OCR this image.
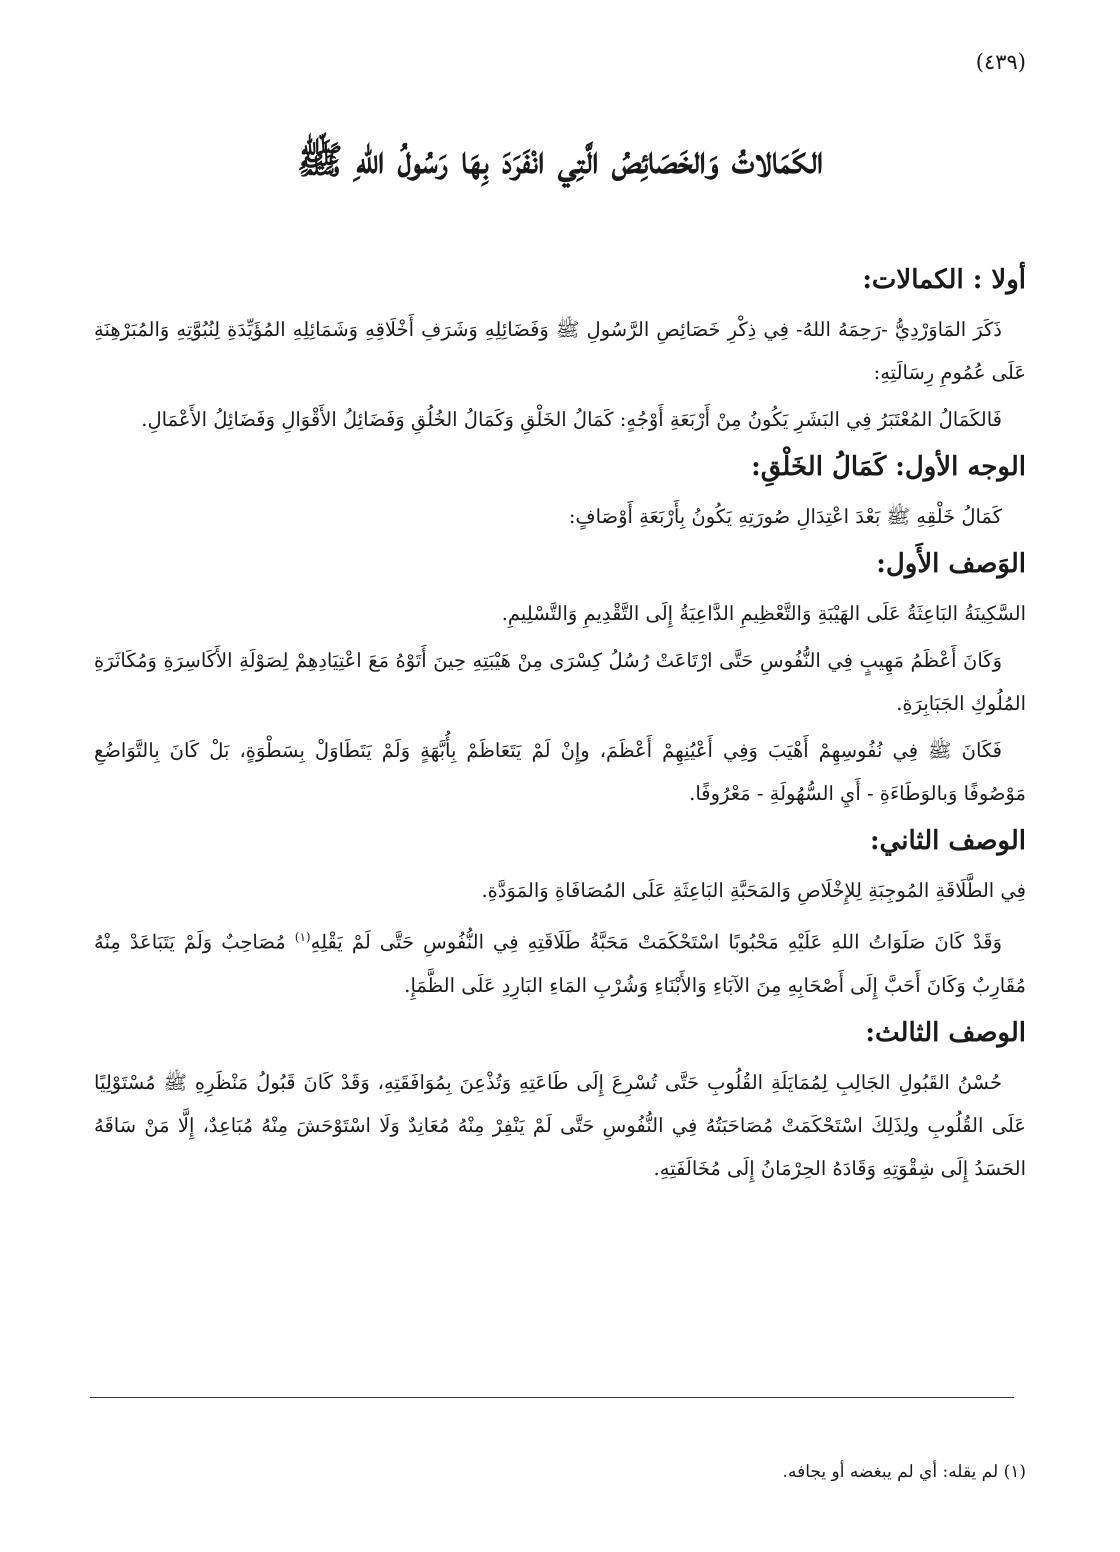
(٤٣٩)
الكَمَالاتُ وَالخَصَائِصُ الَّتِي انْفَرَدَ بِهَا رَسُولُ اللهِ ﷺ
أولا : الكمالات:

ذَكَرَ المَاوَرْدِيُّ -رَحِمَهُ اللهُ- فِي ذِكْرِ خَصَائِصِ الرَّسُولِ ﷺ وَفَضَائِلِهِ وَشَرَفِ أَخْلَاقِهِ وَشَمَائِلِهِ المُؤَيِّدَةِ لِنُبُوَّتِهِ وَالمُبَرْهِنَةِ عَلَى عُمُومِ رِسَالَتِهِ:

فَالكَمَالُ المُعْتَبَرُ فِي البَشَرِ يَكُونُ مِنْ أَرْبَعَةِ أَوْجُهٍ: كَمَالُ الخَلْقِ وَكَمَالُ الخُلُقِ وَفَضَائِلُ الأَقْوَالِ وَفَضَائِلُ الأَعْمَالِ.

الوجه الأول: كَمَالُ الخَلْقِ:

كَمَالُ خَلْقِهِ ﷺ بَعْدَ اعْتِدَالِ صُورَتِهِ يَكُونُ بِأَرْبَعَةِ أَوْصَافٍ:

الوَصف الأَول:

السَّكِينَةُ البَاعِثَةُ عَلَى الهَيْبَةِ وَالتَّعْظِيمِ الدَّاعِيَةُ إِلَى التَّقْدِيمِ وَالتَّسْلِيمِ.

وَكَانَ أَعْظَمُ مَهِيبٍ فِي النُّفُوسِ حَتَّى ارْتَاعَتْ رُسُلُ كِسْرَى مِنْ هَيْبَتِهِ حِينَ أَتَوْهُ مَعَ اعْتِيَادِهِمْ لِصَوْلَةِ الأَكَاسِرَةِ وَمُكَاثَرَةِ المُلُوكِ الجَبَابِرَةِ.

فَكَانَ ﷺ فِي نُفُوسِهِمْ أَهْيَبَ وَفِي أَعْيُنِهِمْ أَعْظَمَ، وإِنْ لَمْ يَتَعَاظَمْ بِأُبَّهَةٍ وَلَمْ يَتَطَاوَلْ بِسَطْوَةٍ، بَلْ كَانَ بِالتَّوَاضُعِ مَوْصُوفًا وَبالوَطَاءَةِ - أَيِ السُّهُولَةِ - مَعْرُوفًا.

الوصف الثاني:

فِي الطَّلَاقَةِ المُوجِبَةِ لِلإِخْلَاصِ وَالمَحَبَّةِ البَاعِثَةِ عَلَى المُصَافَاةِ وَالمَوَدَّةِ.

وَقَدْ كَانَ صَلَوَاتُ اللهِ عَلَيْهِ مَحْبُوبًا اسْتَحْكَمَتْ مَحَبَّةُ طَلَاقَتِهِ فِي النُّفُوسِ حَتَّى لَمْ يَقْلِهِ$^{(١)}$ مُصَاحِبٌ وَلَمْ يَتَبَاعَدْ مِنْهُ مُقَارِبٌ وَكَانَ أَحَبَّ إِلَى أَصْحَابِهِ مِنَ الآبَاءِ وَالأَبْنَاءِ وَشُرْبِ المَاءِ البَارِدِ عَلَى الظَّمَإِ.

الوصف الثالث:

حُسْنُ القَبُولِ الجَالِبِ لِمُمَايَلَةِ القُلُوبِ حَتَّى تُسْرِعَ إِلَى طَاعَتِهِ وَتُذْعِنَ بِمُوَافَقَتِهِ، وَقَدْ كَانَ قَبُولُ مَنْظَرِهِ ﷺ مُسْتَوْلِيًا عَلَى القُلُوبِ ولِذَلِكَ اسْتَحْكَمَتْ مُصَاحَبَتُهُ فِي النُّفُوسِ حَتَّى لَمْ يَنْفِرْ مِنْهُ مُعَانِدٌ وَلَا اسْتَوْحَشَ مِنْهُ مُبَاعِدٌ، إِلَّا مَنْ سَاقَهُ الحَسَدُ إِلَى شِقْوَتِهِ وَقَادَهُ الحِرْمَانُ إِلَى مُخَالَفَتِهِ.

(١) لم يقله: أي لم يبغضه أو يجافه.
